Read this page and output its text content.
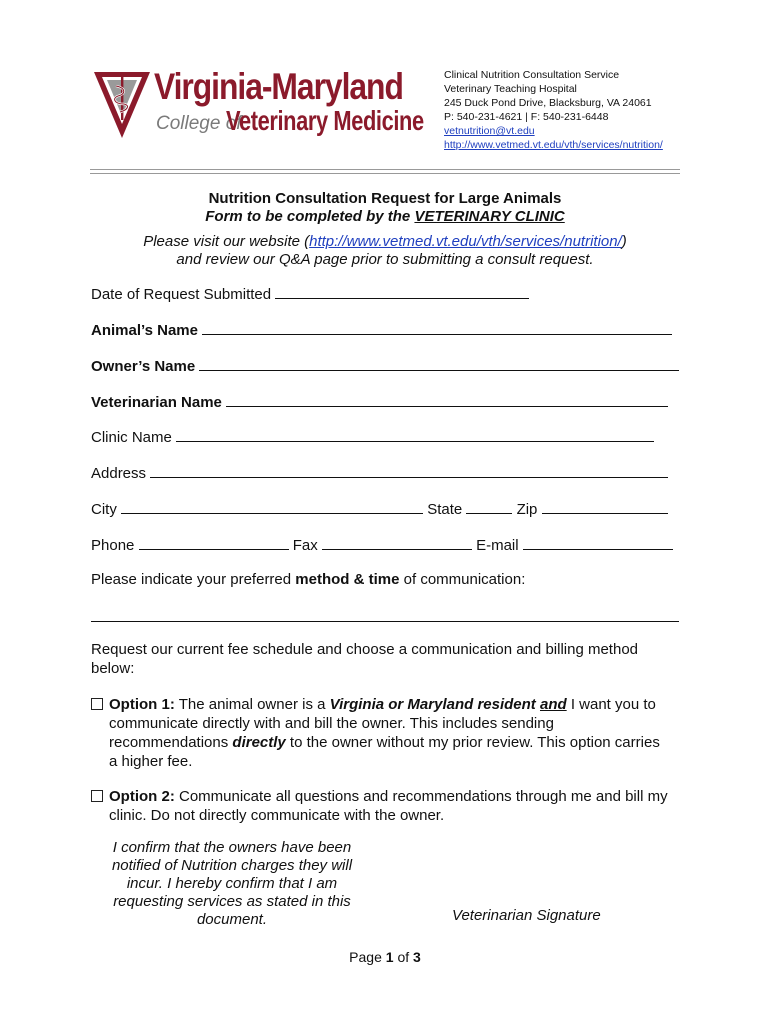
Virginia-Maryland
College of
Veterinary Medicine
Clinical Nutrition Consultation Service
Veterinary Teaching Hospital
245 Duck Pond Drive, Blacksburg, VA 24061
P: 540-231-4621 | F: 540-231-6448
vetnutrition@vt.edu
http://www.vetmed.vt.edu/vth/services/nutrition/
Nutrition Consultation Request for Large Animals
Form to be completed by the VETERINARY CLINIC
Please visit our website (http://www.vetmed.vt.edu/vth/services/nutrition/)
and review our Q&A page prior to submitting a consult request.
Date of Request Submitted
Animal’s Name
Owner’s Name
Veterinarian Name
Clinic Name
Address
City	State	Zip
Phone	Fax	E-mail
Please indicate your preferred method & time of communication:
Request our current fee schedule and choose a communication and billing method
below:
Option 1: The animal owner is a Virginia or Maryland resident and I want you to
communicate directly with and bill the owner. This includes sending
recommendations directly to the owner without my prior review. This option carries
a higher fee.
Option 2: Communicate all questions and recommendations through me and bill my
clinic. Do not directly communicate with the owner.
I confirm that the owners have been
notified of Nutrition charges they will
incur. I hereby confirm that I am
requesting services as stated in this
document.	Veterinarian Signature
Page 1 of 3
